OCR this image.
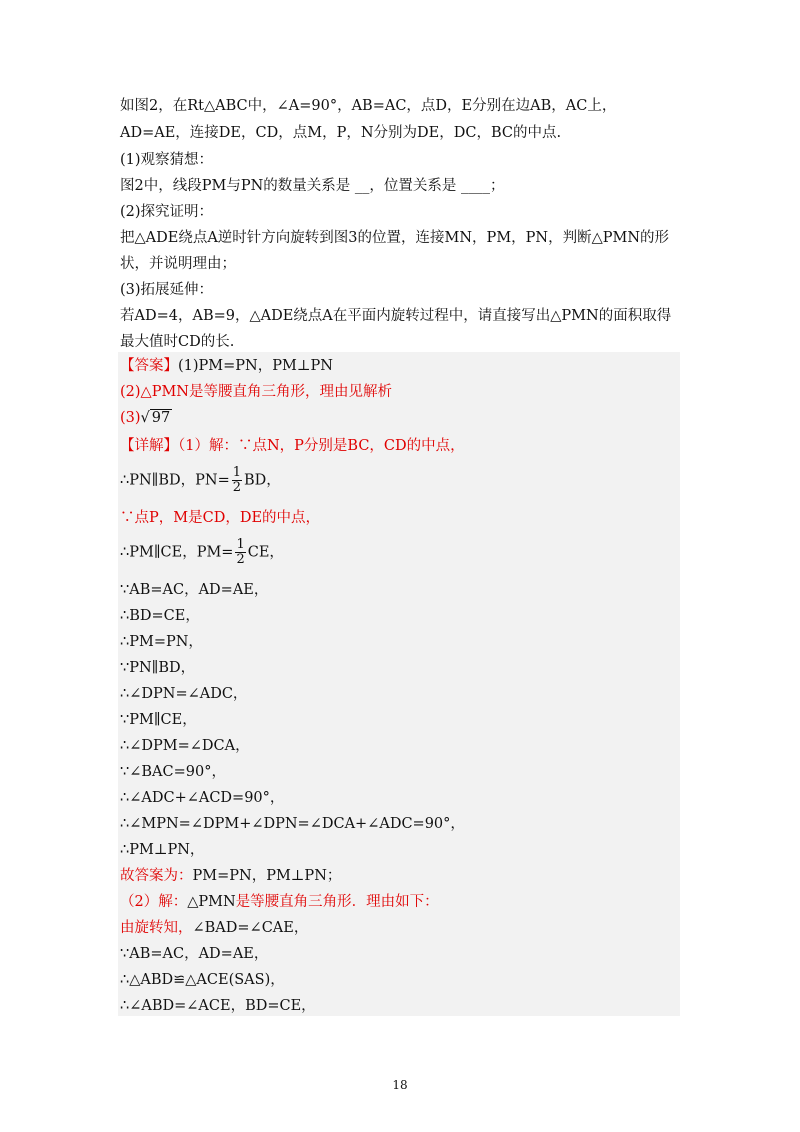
如图2，在Rt△ABC中，∠A=90°，AB=AC，点D，E分别在边AB，AC上，
AD=AE，连接DE，CD，点M，P，N分别为DE，DC，BC的中点.
(1)观察猜想：
图2中，线段PM与PN的数量关系是 __，位置关系是 ____；
(2)探究证明：
把△ADE绕点A逆时针方向旋转到图3的位置，连接MN，PM，PN，判断△PMN的形
状，并说明理由；
(3)拓展延伸：
若AD=4，AB=9，△ADE绕点A在平面内旋转过程中，请直接写出△PMN的面积取得
最大值时CD的长.
【答案】(1)PM=PN，PM⊥PN
(2)△PMN是等腰直角三角形，理由见解析
(3)√ 97
【详解】（1）解：∵点N，P分别是BC，CD的中点，
∴PN∥BD，$PN= \frac{1}{2}$ BD，
∵点P，M是CD，DE的中点，
∴PM∥CE，$PM= \frac{1}{2}$ CE，
∵AB=AC，AD=AE，
∴BD=CE，
∴PM=PN，
∵PN∥BD，
∴∠DPN=∠ADC，
∵PM∥CE，
∴∠DPM=∠DCA，
∵∠BAC=90°，
∴∠ADC+∠ACD=90°，
∴∠MPN=∠DPM+∠DPN=∠DCA+∠ADC=90°，
∴PM⊥PN，
故答案为：PM=PN，PM⊥PN；
（2）解：△PMN是等腰直角三角形．理由如下：
由旋转知，∠BAD=∠CAE，
∵AB=AC，AD=AE，
∴△ABD≌△ACE(SAS)，
∴∠ABD=∠ACE，BD=CE，
18
